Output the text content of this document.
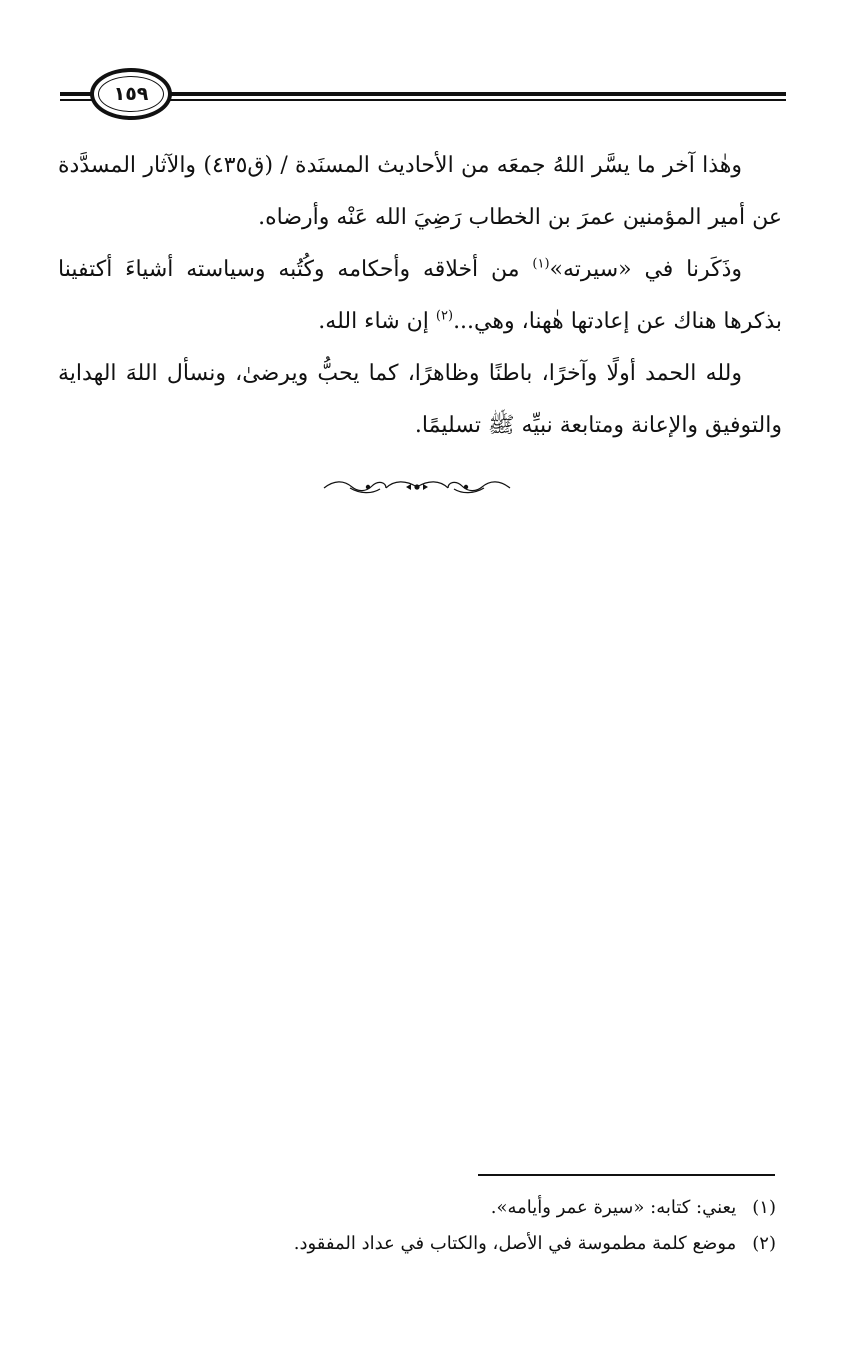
١٥٩

وهٰذا آخر ما يسَّر اللهُ جمعَه من الأحاديث المسنَدة / (ق٤٣٥) والآثار المسدَّدة عن أمير المؤمنين عمرَ بن الخطاب رَضِيَ الله عَنْه وأرضاه.

وذَكَرنا في «سيرته»$^{(١)}$ من أخلاقه وأحكامه وكُتُبه وسياسته أشياءَ أكتفينا بذكرها هناك عن إعادتها هٰهنا، وهي...$^{(٢)}$ إن شاء الله.

ولله الحمد أولًا وآخرًا، باطنًا وظاهرًا، كما يحبُّ ويرضىٰ، ونسأل اللهَ الهداية والتوفيق والإعانة ومتابعة نبيِّه ﷺ تسليمًا.

(١) يعني: كتابه: «سيرة عمر وأيامه».

(٢) موضع كلمة مطموسة في الأصل، والكتاب في عداد المفقود.
